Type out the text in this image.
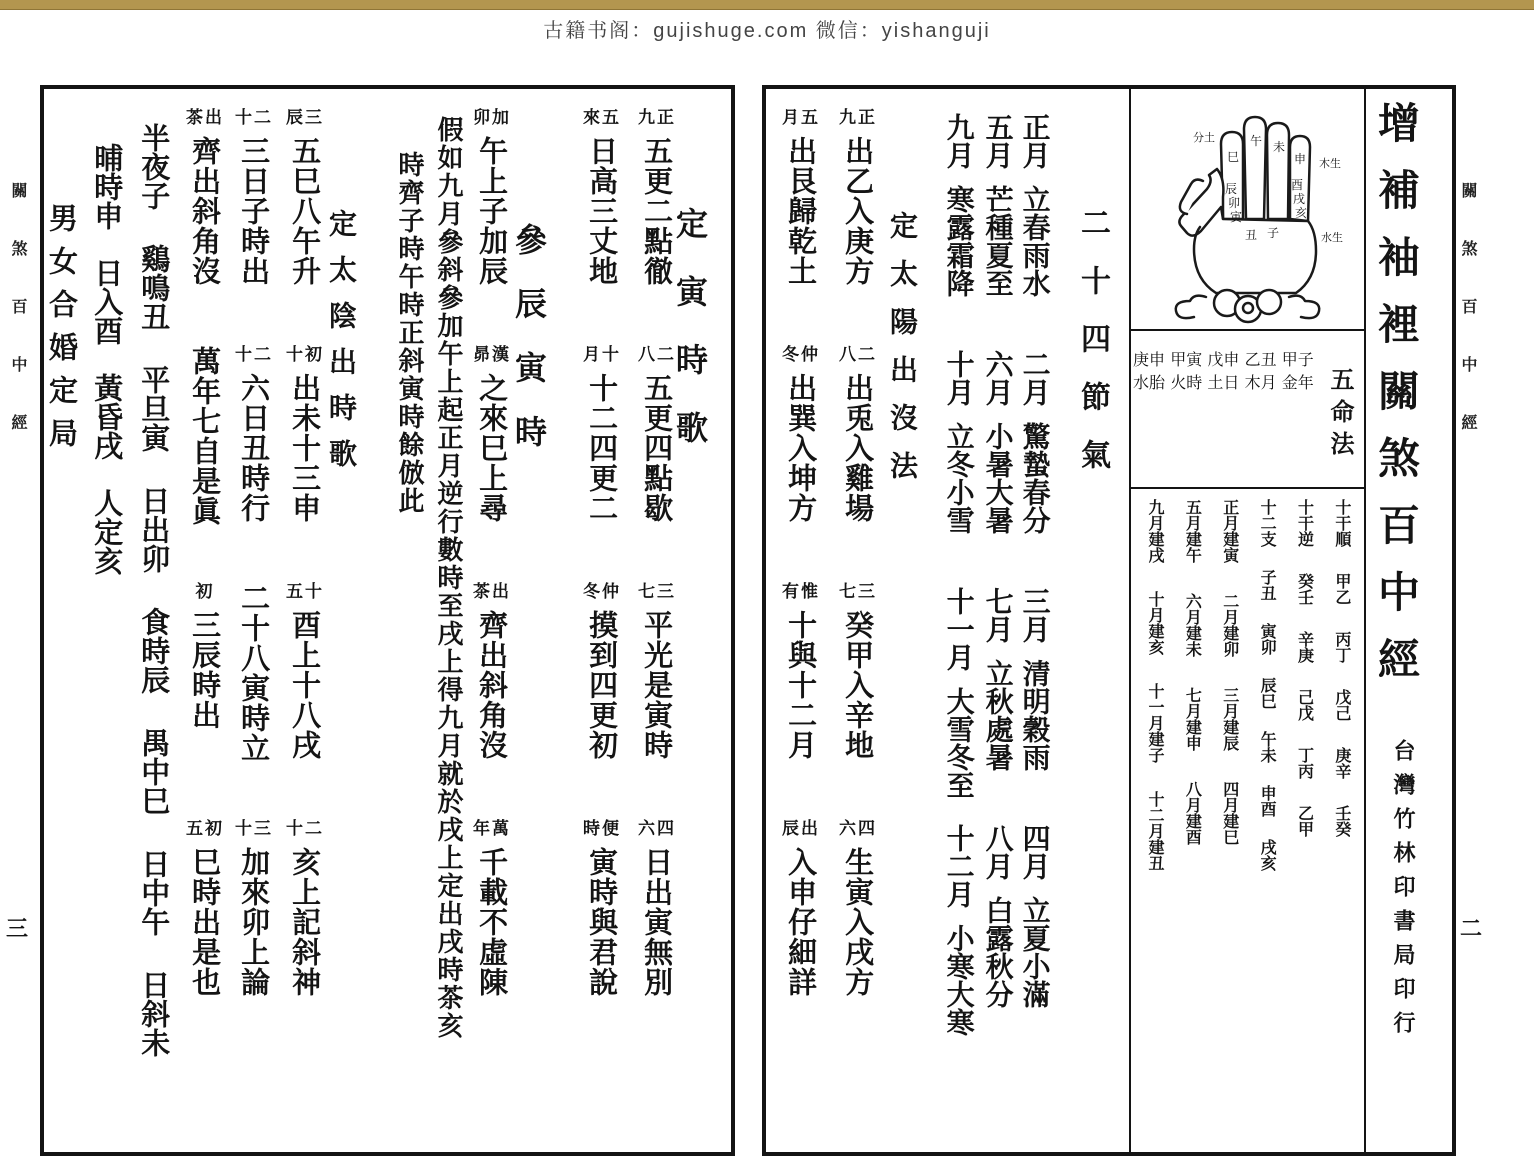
古籍书阁：gujishuge.com 微信：yishanguji
定寅時歌
正
九
五更二點徹
二
八
五更四點歇
三
七
平光是寅時
四
六
日出寅無別
五
來
日高三丈地
十
月
十二四更二
仲
冬
摸到四更初
便
時
寅時與君說
參辰寅時
加
卯
午上子加辰
漢
昴
之來巳上尋
出
茶
齊出斜角沒
萬
年
千載不虛陳
假如九月參斜參加午上起正月逆行數時至戌上得九月就於戌上定出戌時茶亥
時齊子時午時正斜寅時餘倣此
定太陰出時歌
三
辰
五巳八午升
初
十
出未十三申
十
五
酉上十八戌
二
十
亥上記斜神
二
十
三日子時出
二
十
六日丑時行
二十八寅時立
三
十
加來卯上論
出
茶
齊出斜角沒
萬年七自是眞
初
三辰時出
初
五
巳時出是也
半夜子
鷄鳴丑
平旦寅
日出卯
食時辰
禺中巳
日中午
日斜未
晡時申
日入酉
黃昏戌
人定亥
男女合婚定局	增補袖裡關煞百中經
台灣竹林印書局印行
巳
午 未
申
辰
卯
寅
丑 子
酉
戌
亥
分土
木生
水生
五命法
甲子金年
乙丑木月
戊申土日
甲寅火時
庚申水胎
十干順
甲乙
丙丁
戊己
庚辛
壬癸
十干逆
癸壬
辛庚
己戊
丁丙
乙甲
十二支
子丑
寅卯
辰巳
午未
申酉
戌亥
正月建寅
二月建卯
三月建辰
四月建巳
五月建午
六月建未
七月建申
八月建酉
九月建戌
十月建亥
十一月建子
十二月建丑
二十四節氣
正月
立春雨水
二月
驚蟄春分
三月
清明穀雨
四月
立夏小滿
五月
芒種夏至
六月
小暑大暑
七月
立秋處暑
八月
白露秋分
九月
寒露霜降
十月
立冬小雪
十一月
大雪冬至
十二月
小寒大寒
定太陽出沒法
正
九
出乙入庚方
二
八
出兎入雞場
三
七
癸甲入辛地
四
六
生寅入戌方
五
月
出艮歸乾土
仲
冬
出巽入坤方
惟
有
十與十二月
出
辰
入申仔細詳
關煞百中經
三
關煞百中經
二
